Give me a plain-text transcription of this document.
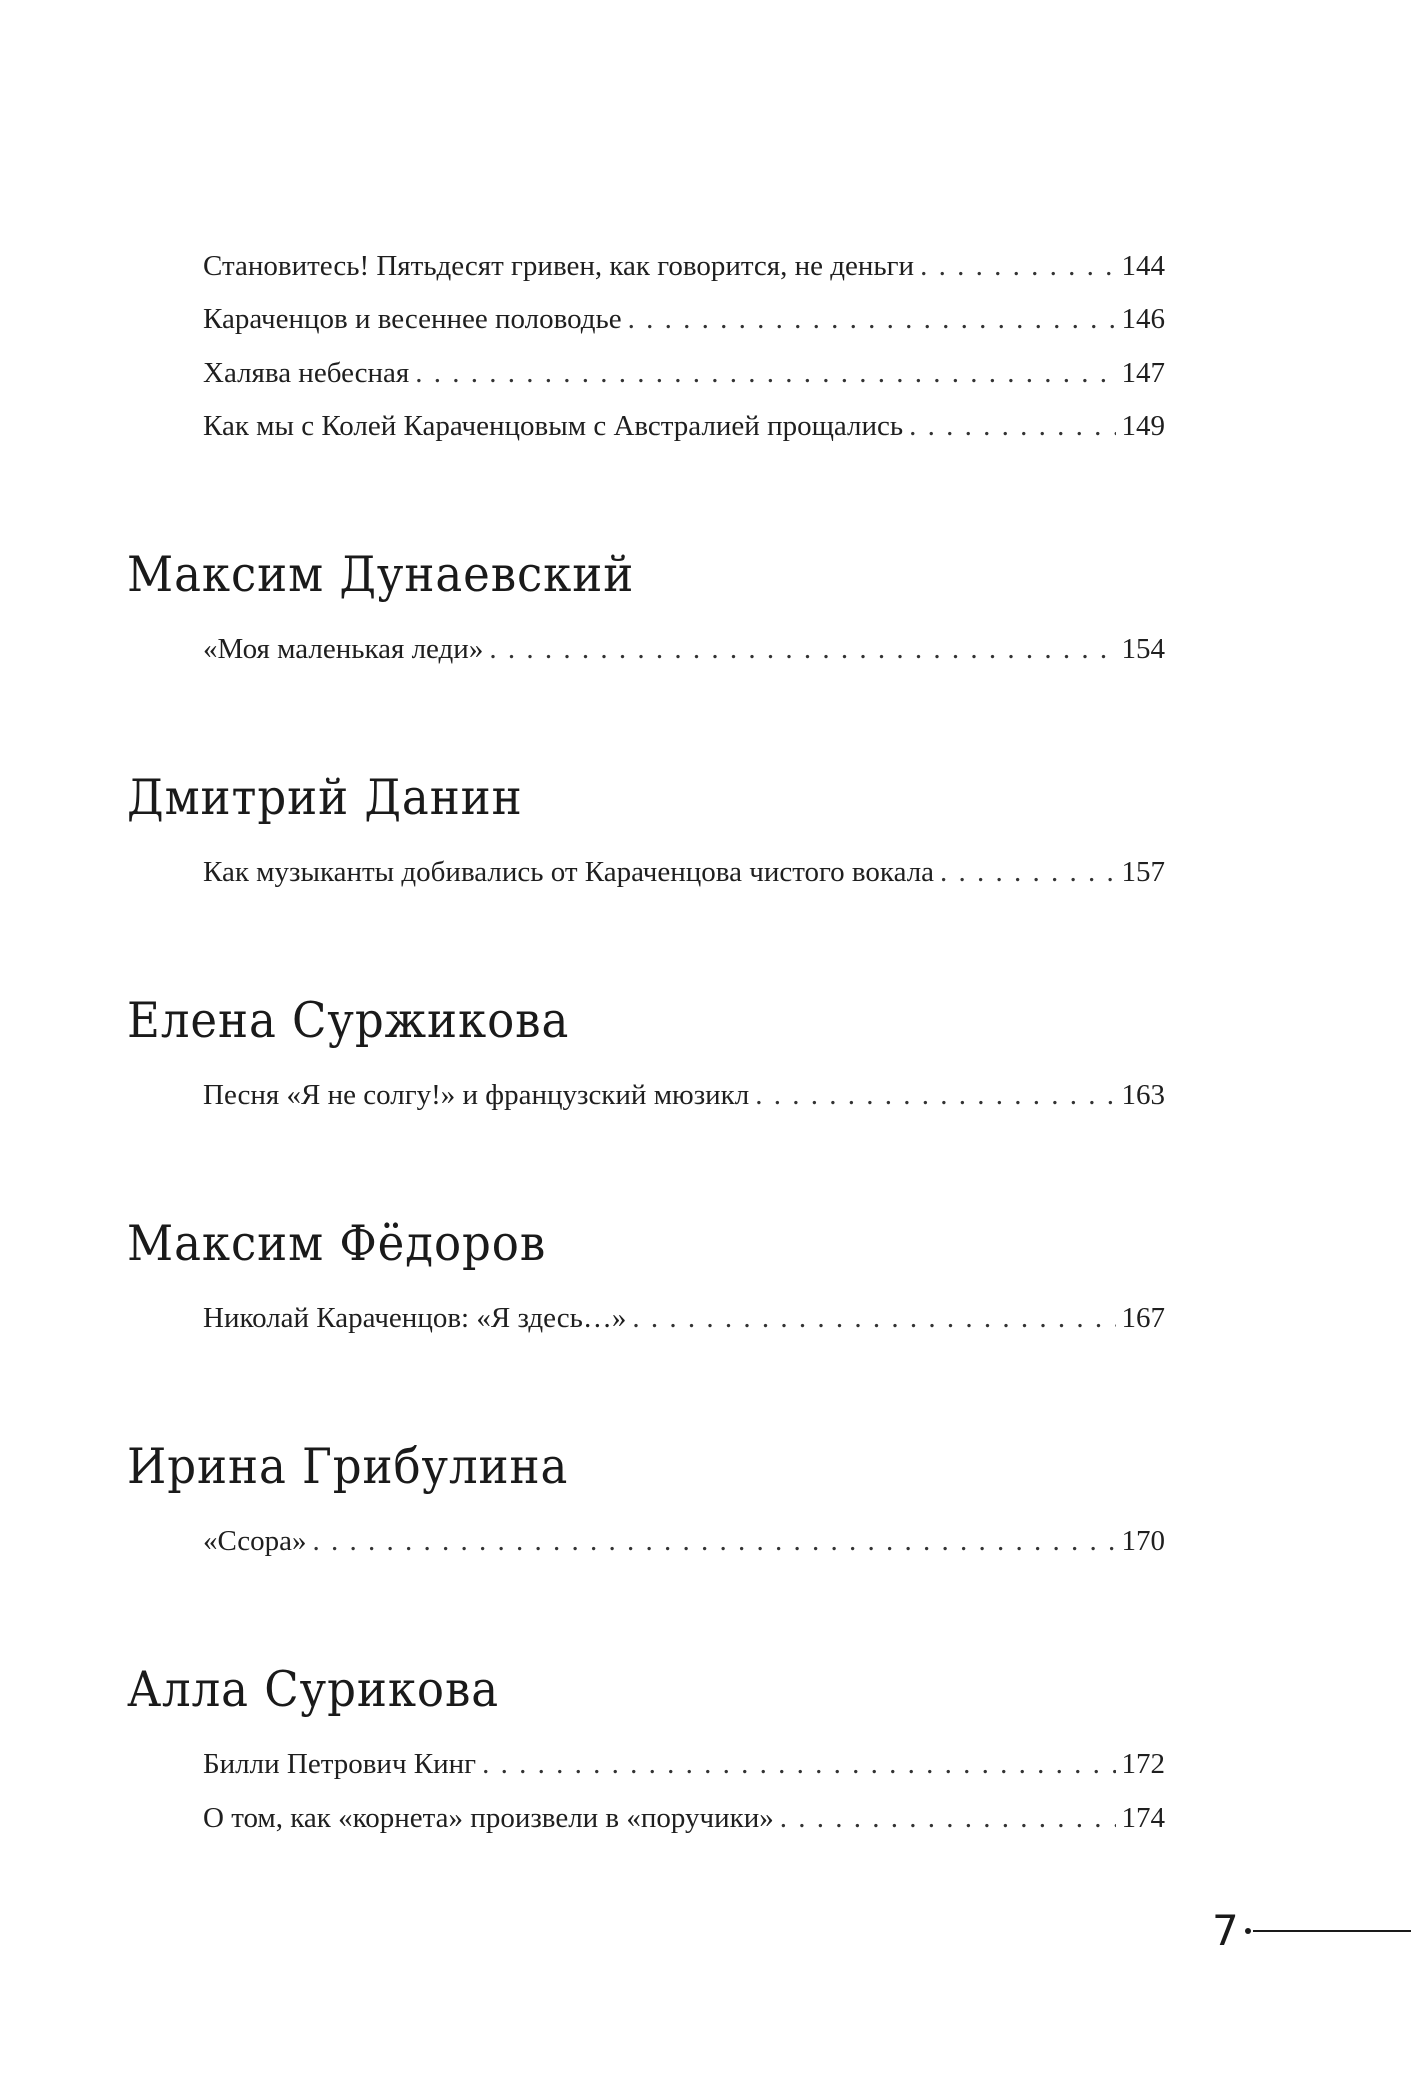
Становитесь! Пятьдесят гривен, как говорится, не деньги . . .	144
Караченцов и весеннее половодье . . .	146
Халява небесная . . .	147
Как мы с Колей Караченцовым с Австралией прощались . . .	149
Максим Дунаевский
«Моя маленькая леди» . . .	154
Дмитрий Данин
Как музыканты добивались от Караченцова чистого вокала . . .	157
Елена Суржикова
Песня «Я не солгу!» и французский мюзикл . . .	163
Максим Фёдоров
Николай Караченцов: «Я здесь…» . . .	167
Ирина Грибулина
«Ссора» . . .	170
Алла Сурикова
Билли Петрович Кинг . . .	172
О том, как «корнета» произвели в «поручики» . . .	174
7
